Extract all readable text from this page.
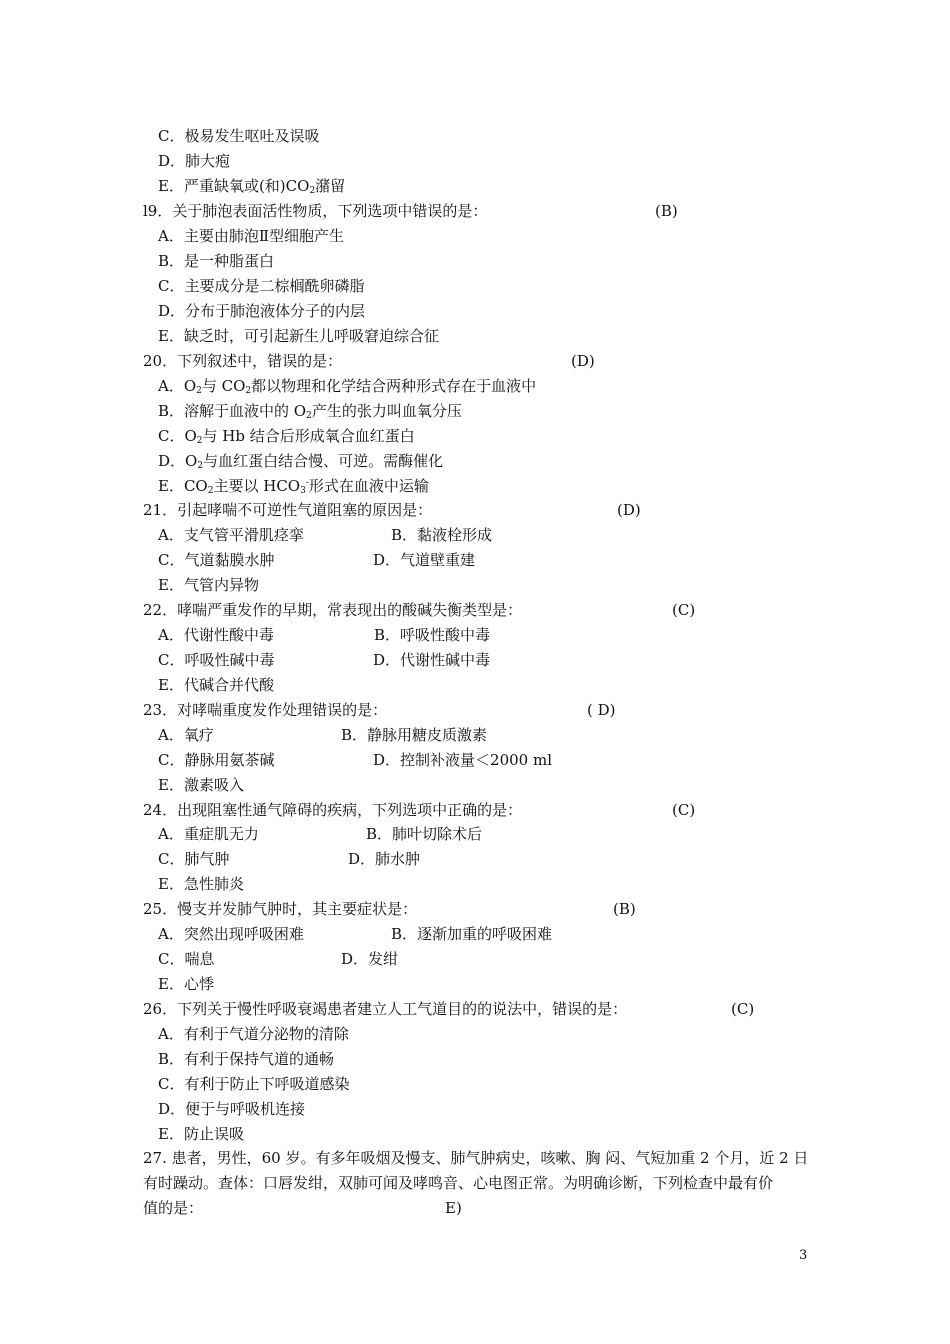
C．极易发生呕吐及误吸
D．肺大疱
E．严重缺氧或(和)$CO_2$潴留
l9．关于肺泡表面活性物质，下列选项中错误的是：	(B)
A．主要由肺泡Ⅱ型细胞产生
B．是一种脂蛋白
C．主要成分是二棕榈酰卵磷脂
D．分布于肺泡液体分子的内层
E．缺乏时，可引起新生儿呼吸窘迫综合征
20．下列叙述中，错误的是：	(D)
A．$O_2$与 $CO_2$都以物理和化学结合两种形式存在于血液中
B．溶解于血液中的 $O_2$产生的张力叫血氧分压
C．$O_2$与 Hb 结合后形成氧合血红蛋白
D．$O_2$与血红蛋白结合慢、可逆。需酶催化
E．$CO_2$主要以 $HCO_3^-$形式在血液中运输
21．引起哮喘不可逆性气道阻塞的原因是：	(D)
A．支气管平滑肌痉挛	B．黏液栓形成
C．气道黏膜水肿	D．气道壁重建
E．气管内异物
22．哮喘严重发作的早期，常表现出的酸碱失衡类型是：	(C)
A．代谢性酸中毒	B．呼吸性酸中毒
C．呼吸性碱中毒	D．代谢性碱中毒
E．代碱合并代酸
23．对哮喘重度发作处理错误的是：	( D)
A．氧疗	B．静脉用糖皮质激素
C．静脉用氨茶碱	D．控制补液量＜2000 ml
E．激素吸入
24．出现阻塞性通气障碍的疾病，下列选项中正确的是：	(C)
A．重症肌无力	B．肺叶切除术后
C．肺气肿	D．肺水肿
E．急性肺炎
25．慢支并发肺气肿时，其主要症状是：	(B)
A．突然出现呼吸困难	B．逐渐加重的呼吸困难
C．喘息	D．发绀
E．心悸
26．下列关于慢性呼吸衰竭患者建立人工气道目的的说法中，错误的是：	(C)
A．有利于气道分泌物的清除
B．有利于保持气道的通畅
C．有利于防止下呼吸道感染
D．便于与呼吸机连接
E．防止误吸
27. 患者，男性，60 岁。有多年吸烟及慢支、肺气肿病史，咳嗽、胸 闷、气短加重 2 个月，近 2 日
有时躁动。查体：口唇发绀，双肺可闻及哮鸣音、心电图正常。为明确诊断，下列检查中最有价
值的是：	E)
3
